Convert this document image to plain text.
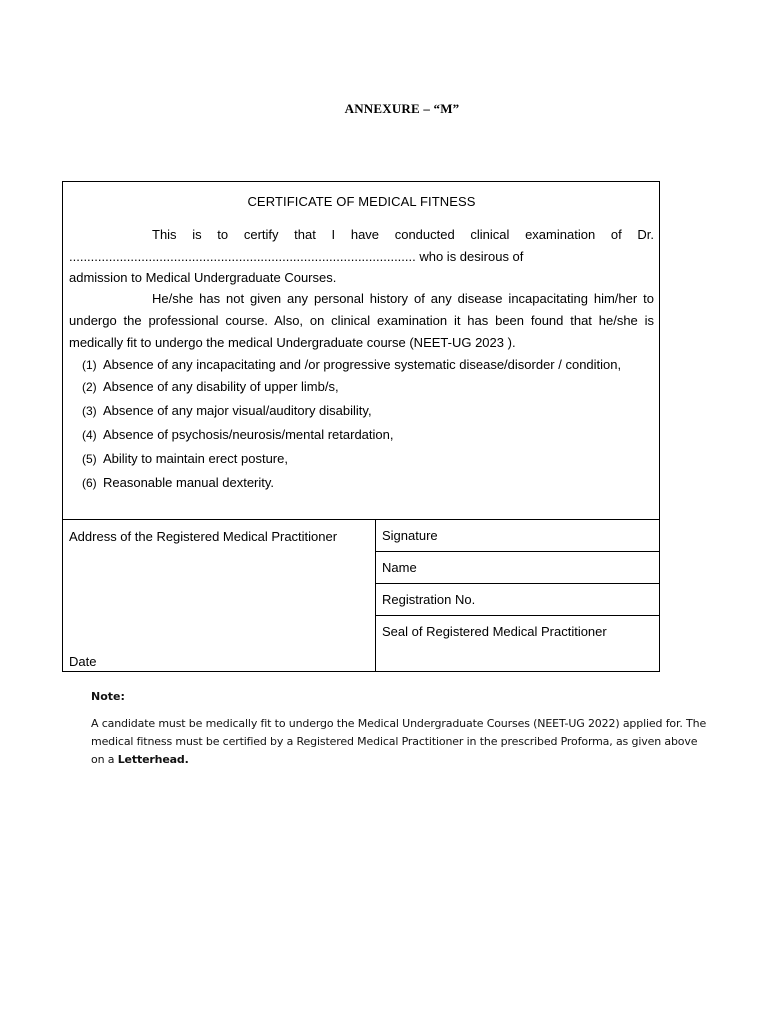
ANNEXURE – “M”
CERTIFICATE OF MEDICAL FITNESS
This is to certify that I have conducted clinical examination of Dr.
................................................................................................ who is desirous of
admission to Medical Undergraduate Courses.

He/she has not given any personal history of any disease incapacitating him/her to undergo the professional course. Also, on clinical examination it has been found that he/she is medically fit to undergo the medical Undergraduate course (NEET-UG 2023 ).

(1) Absence of any incapacitating and /or progressive systematic disease/disorder / condition,
(2) Absence of any disability of upper limb/s,
(3) Absence of any major visual/auditory disability,
(4) Absence of psychosis/neurosis/mental retardation,
(5) Ability to maintain erect posture,
(6) Reasonable manual dexterity.
Address of the Registered Medical Practitioner
Date
Signature
Name
Registration No.
Seal of Registered Medical Practitioner

Note:

A candidate must be medically fit to undergo the Medical Undergraduate Courses (NEET-UG 2022) applied for. The medical fitness must be certified by a Registered Medical Practitioner in the prescribed Proforma, as given above on a Letterhead.
